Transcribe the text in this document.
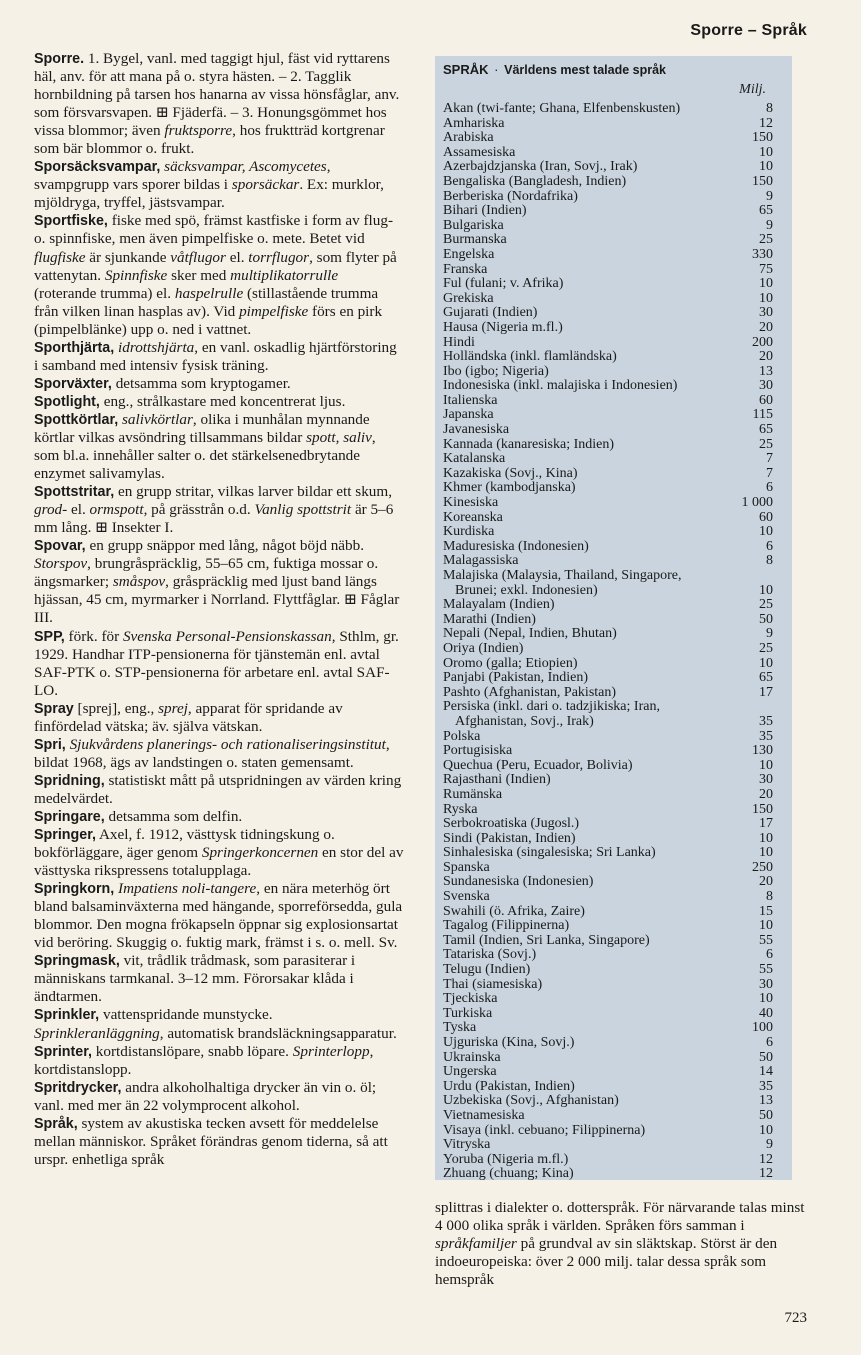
Sporre – Språk

Sporre. 1. Bygel, vanl. med taggigt hjul, fäst vid ryttarens häl, anv. för att mana på o. styra hästen. – 2. Tagglik hornbildning på tarsen hos hanarna av vissa hönsfåglar, anv. som försvarsvapen. ⊞ Fjäderfä. – 3. Honungsgömmet hos vissa blommor; även fruktsporre, hos fruktträd kortgrenar som bär blommor o. frukt.

Sporsäcksvampar, säcksvampar, Ascomycetes, svampgrupp vars sporer bildas i sporsäckar. Ex: murklor, mjöldryga, tryffel, jästsvampar.

Sportfiske, fiske med spö, främst kastfiske i form av flug- o. spinnfiske, men även pimpelfiske o. mete. Betet vid flugfiske är sjunkande våtflugor el. torrflugor, som flyter på vattenytan. Spinnfiske sker med multiplikatorrulle (roterande trumma) el. haspelrulle (stillastående trumma från vilken linan hasplas av). Vid pimpelfiske förs en pirk (pimpelblänke) upp o. ned i vattnet.

Sporthjärta, idrottshjärta, en vanl. oskadlig hjärtförstoring i samband med intensiv fysisk träning.

Sporväxter, detsamma som kryptogamer.

Spotlight, eng., strålkastare med koncentrerat ljus.

Spottkörtlar, salivkörtlar, olika i munhålan mynnande körtlar vilkas avsöndring tillsammans bildar spott, saliv, som bl.a. innehåller salter o. det stärkelsenedbrytande enzymet salivamylas.

Spottstritar, en grupp stritar, vilkas larver bildar ett skum, grod- el. ormspott, på grässtrån o.d. Vanlig spottstrit är 5–6 mm lång. ⊞ Insekter I.

Spovar, en grupp snäppor med lång, något böjd näbb. Storspov, brungråspräcklig, 55–65 cm, fuktiga mossar o. ängsmarker; småspov, gråspräcklig med ljust band längs hjässan, 45 cm, myrmarker i Norrland. Flyttfåglar. ⊞ Fåglar III.

SPP, förk. för Svenska Personal-Pensionskassan, Sthlm, gr. 1929. Handhar ITP-pensionerna för tjänstemän enl. avtal SAF-PTK o. STP-pensionerna för arbetare enl. avtal SAF-LO.

Spray [sprej], eng., sprej, apparat för spridande av finfördelad vätska; äv. själva vätskan.

Spri, Sjukvårdens planerings- och rationaliseringsinstitut, bildat 1968, ägs av landstingen o. staten gemensamt.

Spridning, statistiskt mått på utspridningen av värden kring medelvärdet.

Springare, detsamma som delfin.

Springer, Axel, f. 1912, västtysk tidningskung o. bokförläggare, äger genom Springerkoncernen en stor del av västtyska rikspressens totalupplaga.

Springkorn, Impatiens noli-tangere, en nära meterhög ört bland balsaminväxterna med hängande, sporreförsedda, gula blommor. Den mogna frökapseln öppnar sig explosionsartat vid beröring. Skuggig o. fuktig mark, främst i s. o. mell. Sv.

Springmask, vit, trådlik trådmask, som parasiterar i människans tarmkanal. 3–12 mm. Förorsakar klåda i ändtarmen.

Sprinkler, vattenspridande munstycke. Sprinkleranläggning, automatisk brandsläckningsapparatur.

Sprinter, kortdistanslöpare, snabb löpare. Sprinterlopp, kortdistanslopp.

Spritdrycker, andra alkoholhaltiga drycker än vin o. öl; vanl. med mer än 22 volymprocent alkohol.

Språk, system av akustiska tecken avsett för meddelelse mellan människor. Språket förändras genom tiderna, så att urspr. enhetliga språk

SPRÅK · Världens mest talade språk
Milj.
Akan (twi-fante; Ghana, Elfenbenskusten)	8
Amhariska	12
Arabiska	150
Assamesiska	10
Azerbajdzjanska (Iran, Sovj., Irak)	10
Bengaliska (Bangladesh, Indien)	150
Berberiska (Nordafrika)	9
Bihari (Indien)	65
Bulgariska	9
Burmanska	25
Engelska	330
Franska	75
Ful (fulani; v. Afrika)	10
Grekiska	10
Gujarati (Indien)	30
Hausa (Nigeria m.fl.)	20
Hindi	200
Holländska (inkl. flamländska)	20
Ibo (igbo; Nigeria)	13
Indonesiska (inkl. malajiska i Indonesien)	30
Italienska	60
Japanska	115
Javanesiska	65
Kannada (kanaresiska; Indien)	25
Katalanska	7
Kazakiska (Sovj., Kina)	7
Khmer (kambodjanska)	6
Kinesiska	1 000
Koreanska	60
Kurdiska	10
Maduresiska (Indonesien)	6
Malagassiska	8
Malajiska (Malaysia, Thailand, Singapore,
Brunei; exkl. Indonesien)	10
Malayalam (Indien)	25
Marathi (Indien)	50
Nepali (Nepal, Indien, Bhutan)	9
Oriya (Indien)	25
Oromo (galla; Etiopien)	10
Panjabi (Pakistan, Indien)	65
Pashto (Afghanistan, Pakistan)	17
Persiska (inkl. dari o. tadzjikiska; Iran,
Afghanistan, Sovj., Irak)	35
Polska	35
Portugisiska	130
Quechua (Peru, Ecuador, Bolivia)	10
Rajasthani (Indien)	30
Rumänska	20
Ryska	150
Serbokroatiska (Jugosl.)	17
Sindi (Pakistan, Indien)	10
Sinhalesiska (singalesiska; Sri Lanka)	10
Spanska	250
Sundanesiska (Indonesien)	20
Svenska	8
Swahili (ö. Afrika, Zaire)	15
Tagalog (Filippinerna)	10
Tamil (Indien, Sri Lanka, Singapore)	55
Tatariska (Sovj.)	6
Telugu (Indien)	55
Thai (siamesiska)	30
Tjeckiska	10
Turkiska	40
Tyska	100
Ujguriska (Kina, Sovj.)	6
Ukrainska	50
Ungerska	14
Urdu (Pakistan, Indien)	35
Uzbekiska (Sovj., Afghanistan)	13
Vietnamesiska	50
Visaya (inkl. cebuano; Filippinerna)	10
Vitryska	9
Yoruba (Nigeria m.fl.)	12
Zhuang (chuang; Kina)	12
splittras i dialekter o. dotterspråk. För närvarande talas minst 4 000 olika språk i världen. Språken förs samman i språkfamiljer på grundval av sin släktskap. Störst är den indoeuropeiska: över 2 000 milj. talar dessa språk som hemspråk
723
